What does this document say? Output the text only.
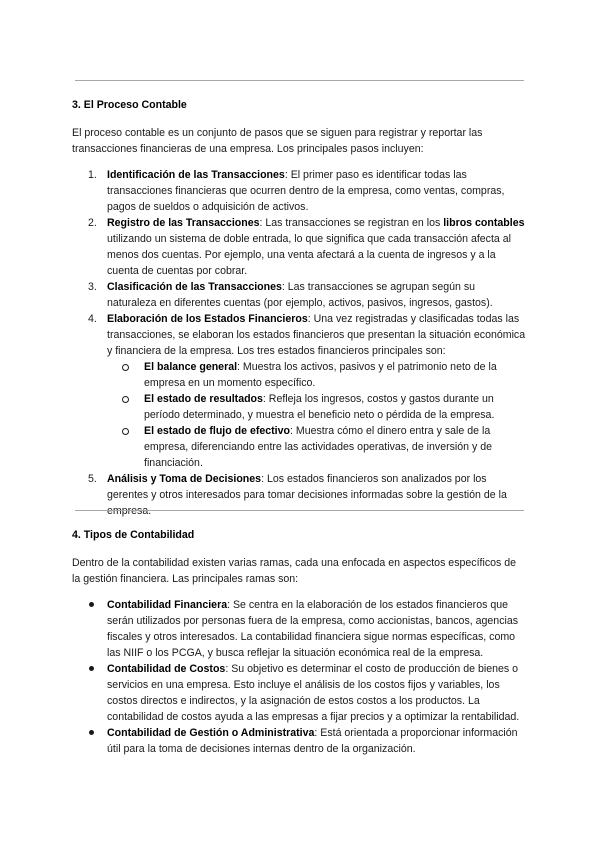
3. El Proceso Contable

El proceso contable es un conjunto de pasos que se siguen para registrar y reportar las transacciones financieras de una empresa. Los principales pasos incluyen:

1. Identificación de las Transacciones: El primer paso es identificar todas las transacciones financieras que ocurren dentro de la empresa, como ventas, compras, pagos de sueldos o adquisición de activos.
2. Registro de las Transacciones: Las transacciones se registran en los libros contables utilizando un sistema de doble entrada, lo que significa que cada transacción afecta al menos dos cuentas. Por ejemplo, una venta afectará a la cuenta de ingresos y a la cuenta de cuentas por cobrar.
3. Clasificación de las Transacciones: Las transacciones se agrupan según su naturaleza en diferentes cuentas (por ejemplo, activos, pasivos, ingresos, gastos).
4. Elaboración de los Estados Financieros: Una vez registradas y clasificadas todas las transacciones, se elaboran los estados financieros que presentan la situación económica y financiera de la empresa. Los tres estados financieros principales son:
El balance general: Muestra los activos, pasivos y el patrimonio neto de la empresa en un momento específico.
El estado de resultados: Refleja los ingresos, costos y gastos durante un período determinado, y muestra el beneficio neto o pérdida de la empresa.
El estado de flujo de efectivo: Muestra cómo el dinero entra y sale de la empresa, diferenciando entre las actividades operativas, de inversión y de financiación.
5. Análisis y Toma de Decisiones: Los estados financieros son analizados por los gerentes y otros interesados para tomar decisiones informadas sobre la gestión de la empresa.
4. Tipos de Contabilidad

Dentro de la contabilidad existen varias ramas, cada una enfocada en aspectos específicos de la gestión financiera. Las principales ramas son:

Contabilidad Financiera: Se centra en la elaboración de los estados financieros que serán utilizados por personas fuera de la empresa, como accionistas, bancos, agencias fiscales y otros interesados. La contabilidad financiera sigue normas específicas, como las NIIF o los PCGA, y busca reflejar la situación económica real de la empresa.
Contabilidad de Costos: Su objetivo es determinar el costo de producción de bienes o servicios en una empresa. Esto incluye el análisis de los costos fijos y variables, los costos directos e indirectos, y la asignación de estos costos a los productos. La contabilidad de costos ayuda a las empresas a fijar precios y a optimizar la rentabilidad.
Contabilidad de Gestión o Administrativa: Está orientada a proporcionar información útil para la toma de decisiones internas dentro de la organización.
